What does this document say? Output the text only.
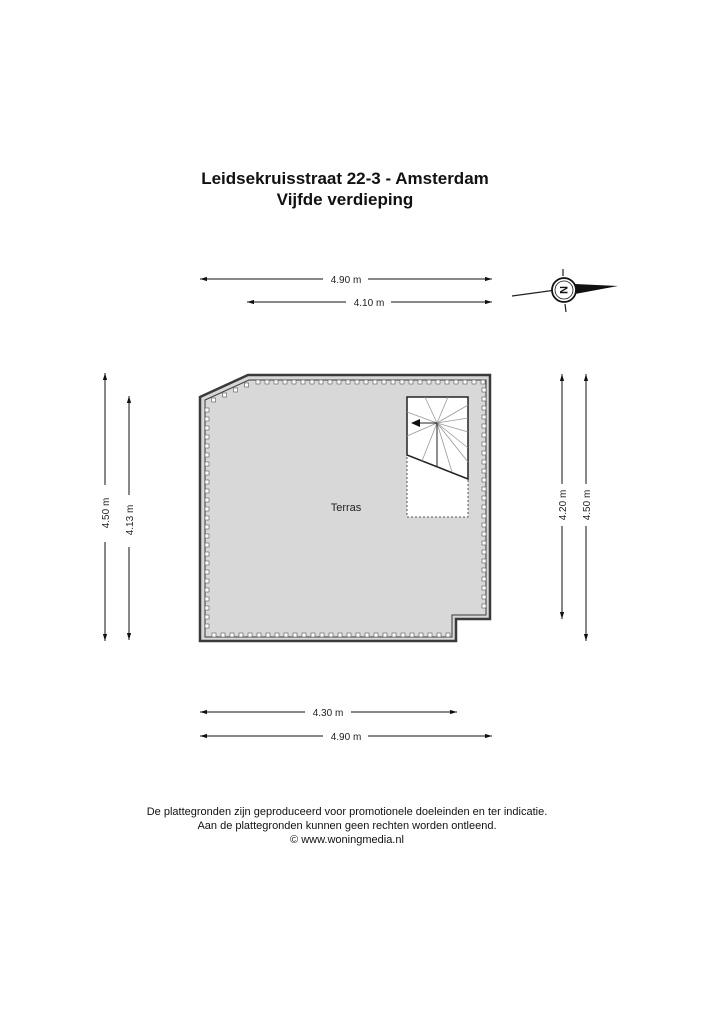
Leidsekruisstraat 22-3 - Amsterdam
Vijfde verdieping
Terras
4.90 m
4.10 m
4.30 m
4.90 m
4.50 m 4.13 m	4.20 m 4.50 m
N
De plattegronden zijn geproduceerd voor promotionele doeleinden en ter indicatie.
Aan de plattegronden kunnen geen rechten worden ontleend.
© www.woningmedia.nl
